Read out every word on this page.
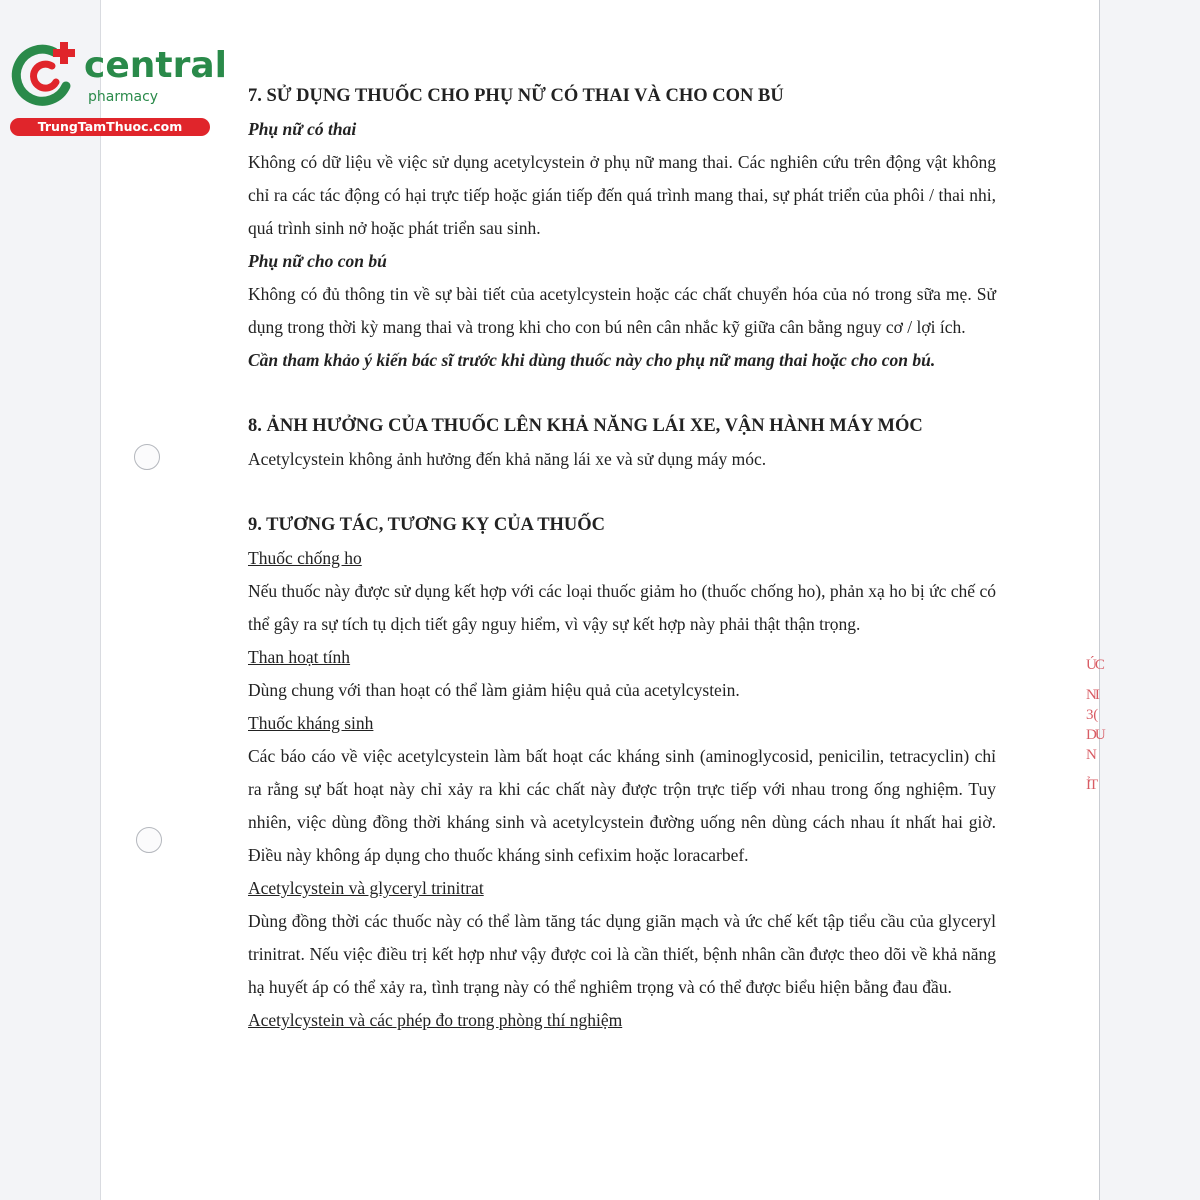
central
pharmacy
TrungTamThuoc.com

7. SỬ DỤNG THUỐC CHO PHỤ NỮ CÓ THAI VÀ CHO CON BÚ

Phụ nữ có thai

Không có dữ liệu về việc sử dụng acetylcystein ở phụ nữ mang thai. Các nghiên cứu trên động vật không chỉ ra các tác động có hại trực tiếp hoặc gián tiếp đến quá trình mang thai, sự phát triển của phôi / thai nhi, quá trình sinh nở hoặc phát triển sau sinh.

Phụ nữ cho con bú

Không có đủ thông tin về sự bài tiết của acetylcystein hoặc các chất chuyển hóa của nó trong sữa mẹ. Sử dụng trong thời kỳ mang thai và trong khi cho con bú nên cân nhắc kỹ giữa cân bằng nguy cơ / lợi ích.

Cần tham khảo ý kiến bác sĩ trước khi dùng thuốc này cho phụ nữ mang thai hoặc cho con bú.

8. ẢNH HƯỞNG CỦA THUỐC LÊN KHẢ NĂNG LÁI XE, VẬN HÀNH MÁY MÓC

Acetylcystein không ảnh hưởng đến khả năng lái xe và sử dụng máy móc.

9. TƯƠNG TÁC, TƯƠNG KỴ CỦA THUỐC

Thuốc chống ho

Nếu thuốc này được sử dụng kết hợp với các loại thuốc giảm ho (thuốc chống ho), phản xạ ho bị ức chế có thể gây ra sự tích tụ dịch tiết gây nguy hiểm, vì vậy sự kết hợp này phải thật thận trọng.

Than hoạt tính

Dùng chung với than hoạt có thể làm giảm hiệu quả của acetylcystein.

Thuốc kháng sinh

Các báo cáo về việc acetylcystein làm bất hoạt các kháng sinh (aminoglycosid, penicilin, tetracyclin) chỉ ra rằng sự bất hoạt này chỉ xảy ra khi các chất này được trộn trực tiếp với nhau trong ống nghiệm. Tuy nhiên, việc dùng đồng thời kháng sinh và acetylcystein đường uống nên dùng cách nhau ít nhất hai giờ. Điều này không áp dụng cho thuốc kháng sinh cefixim hoặc loracarbef.

Acetylcystein và glyceryl trinitrat

Dùng đồng thời các thuốc này có thể làm tăng tác dụng giãn mạch và ức chế kết tập tiểu cầu của glyceryl trinitrat. Nếu việc điều trị kết hợp như vậy được coi là cần thiết, bệnh nhân cần được theo dõi về khả năng hạ huyết áp có thể xảy ra, tình trạng này có thể nghiêm trọng và có thể được biểu hiện bằng đau đầu.

Acetylcystein và các phép đo trong phòng thí nghiệm

ÚC
NI
3 (
DU
N
ỈT
